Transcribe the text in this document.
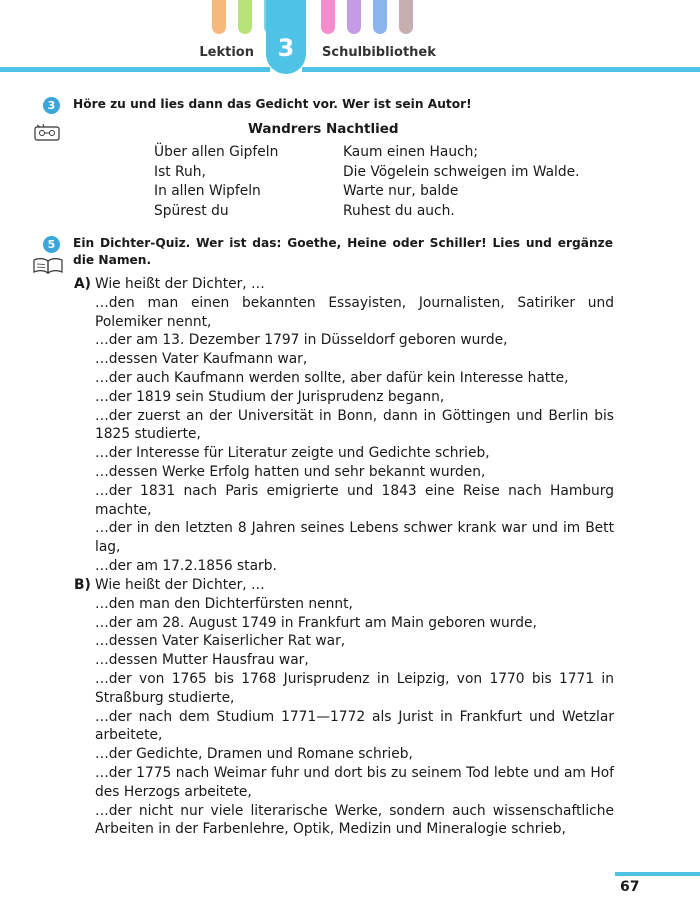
3
Lektion	Schulbibliothek
3	Höre zu und lies dann das Gedicht vor. Wer ist sein Autor!
Wandrers Nachtlied
Über allen Gipfeln
Ist Ruh,
In allen Wipfeln
Spürest du
Kaum einen Hauch;
Die Vögelein schweigen im Walde.
Warte nur, balde
Ruhest du auch.
5	Ein Dichter-Quiz. Wer ist das: Goethe, Heine oder Schiller! Lies und ergänze die Namen.
A) Wie heißt der Dichter, …
…den man einen bekannten Essayisten, Journalisten, Satiriker und Polemiker nennt,
…der am 13. Dezember 1797 in Düsseldorf geboren wurde,
…dessen Vater Kaufmann war,
…der auch Kaufmann werden sollte, aber dafür kein Interesse hatte,
…der 1819 sein Studium der Jurisprudenz begann,
…der zuerst an der Universität in Bonn, dann in Göttingen und Berlin bis 1825 studierte,
…der Interesse für Literatur zeigte und Gedichte schrieb,
…dessen Werke Erfolg hatten und sehr bekannt wurden,
…der 1831 nach Paris emigrierte und 1843 eine Reise nach Hamburg machte,
…der in den letzten 8 Jahren seines Lebens schwer krank war und im Bett lag,
…der am 17.2.1856 starb.
B) Wie heißt der Dichter, …
…den man den Dichterfürsten nennt,
…der am 28. August 1749 in Frankfurt am Main geboren wurde,
…dessen Vater Kaiserlicher Rat war,
…dessen Mutter Hausfrau war,
…der von 1765 bis 1768 Jurisprudenz in Leipzig, von 1770 bis 1771 in Straßburg studierte,
…der nach dem Studium 1771—1772 als Jurist in Frankfurt und Wetzlar arbeitete,
…der Gedichte, Dramen und Romane schrieb,
…der 1775 nach Weimar fuhr und dort bis zu seinem Tod lebte und am Hof des Herzogs arbeitete,
…der nicht nur viele literarische Werke, sondern auch wissenschaftliche Arbeiten in der Farbenlehre, Optik, Medizin und Mineralogie schrieb,
67
